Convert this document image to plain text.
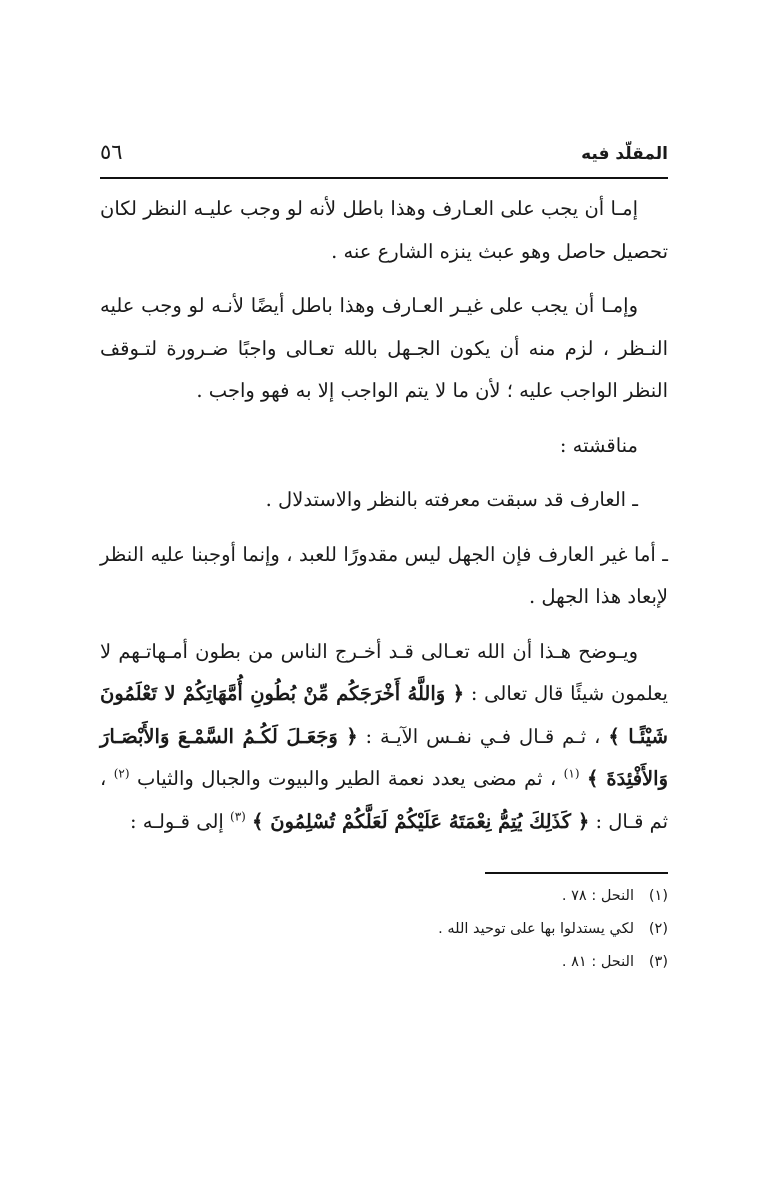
المقلّد فيه
٥٦

إمـا أن يجب على العـارف وهذا باطل لأنه لو وجب عليـه النظر لكان تحصيل حاصل وهو عبث ينزه الشارع عنه .

وإمـا أن يجب على غيـر العـارف وهذا باطل أيضًا لأنـه لو وجب عليه النـظر ، لزم منه أن يكون الجـهل بالله تعـالى واجبًا ضـرورة لتـوقف النظر الواجب عليه ؛ لأن ما لا يتم الواجب إلا به فهو واجب .

مناقشته :

ـ العارف قد سبقت معرفته بالنظر والاستدلال .

ـ أما غير العارف فإن الجهل ليس مقدورًا للعبد ، وإنما أوجبنا عليه النظر لإبعاد هذا الجهل .

ويـوضح هـذا أن الله تعـالى قـد أخـرج الناس من بطون أمـهاتـهم لا يعلمون شيئًا قال تعالى : ﴿ وَاللَّهُ أَخْرَجَكُم مِّنْ بُطُونِ أُمَّهَاتِكُمْ لا تَعْلَمُونَ شَيْئًـا ﴾ ، ثـم قـال فـي نفـس الآيـة : ﴿ وَجَعَـلَ لَكُـمُ السَّمْـعَ وَالأَبْصَـارَ وَالأَفْئِدَةَ ﴾ $^{(١)}$ ، ثم مضى يعدد نعمة الطير والبيوت والجبال والثياب $^{(٢)}$ ، ثم قـال : ﴿ كَذَلِكَ يُتِمُّ نِعْمَتَهُ عَلَيْكُمْ لَعَلَّكُمْ تُسْلِمُونَ ﴾ $^{(٣)}$ إلى قـولـه :

(١)النحل : ٧٨ .
(٢)لكي يستدلوا بها على توحيد الله .
(٣)النحل : ٨١ .
